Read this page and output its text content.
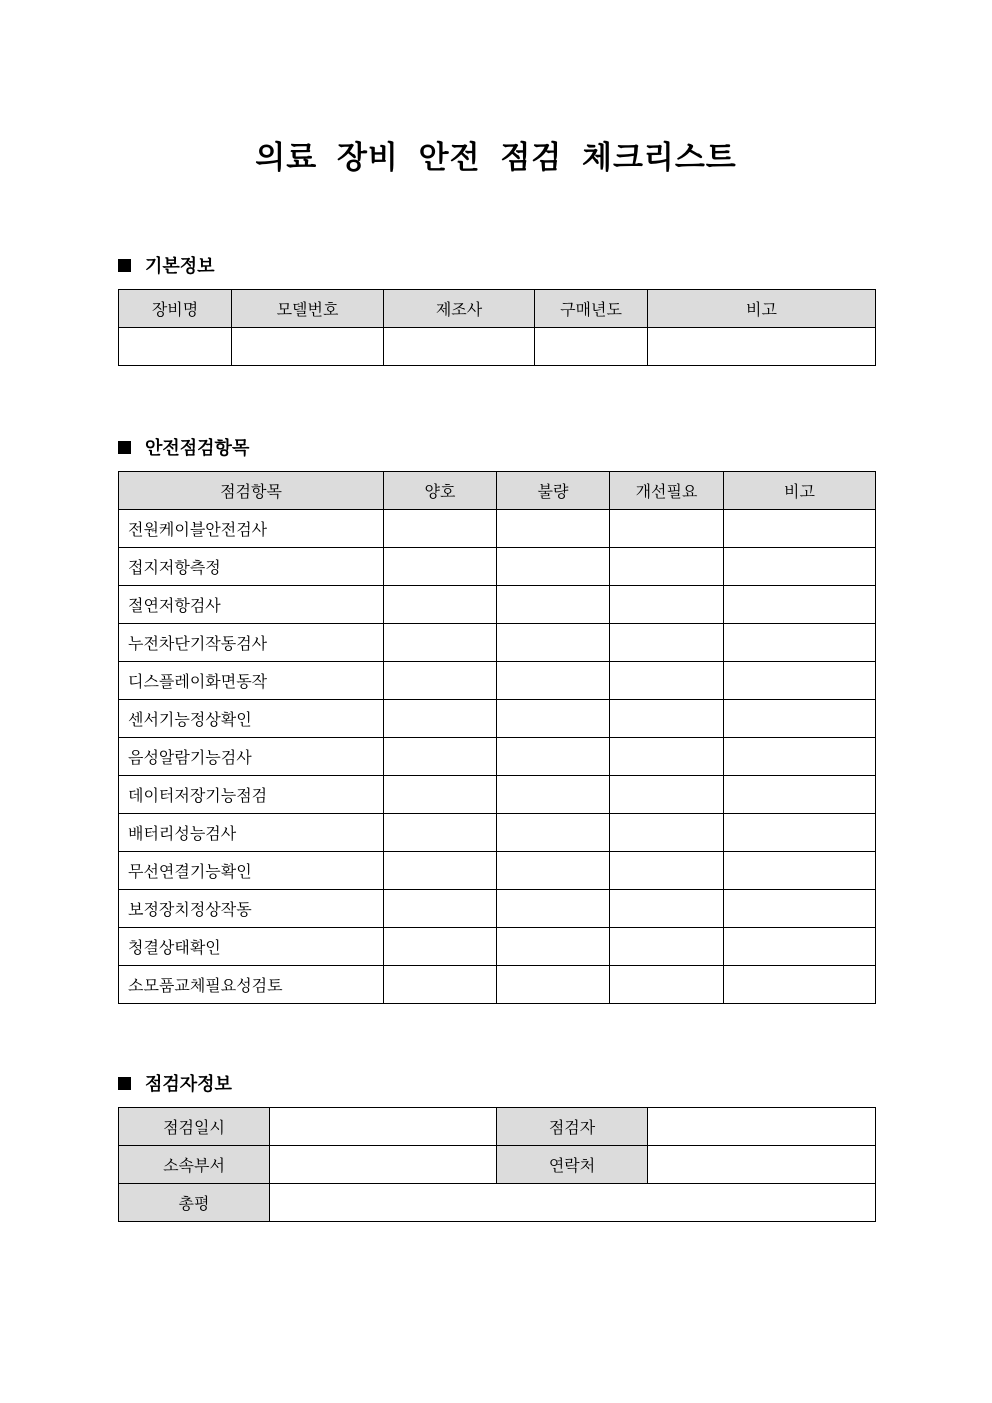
의료 장비 안전 점검 체크리스트
기본정보
장비명	모델번호	제조사	구매년도	비고

안전점검항목
점검항목	양호	불량	개선필요	비고
전원케이블안전검사				
접지저항측정				
절연저항검사				
누전차단기작동검사				
디스플레이화면동작				
센서기능정상확인				
음성알람기능검사				
데이터저장기능점검				
배터리성능검사				
무선연결기능확인				
보정장치정상작동				
청결상태확인				
소모품교체필요성검토				
점검자정보
점검일시		점검자	
소속부서		연락처	
총평			
